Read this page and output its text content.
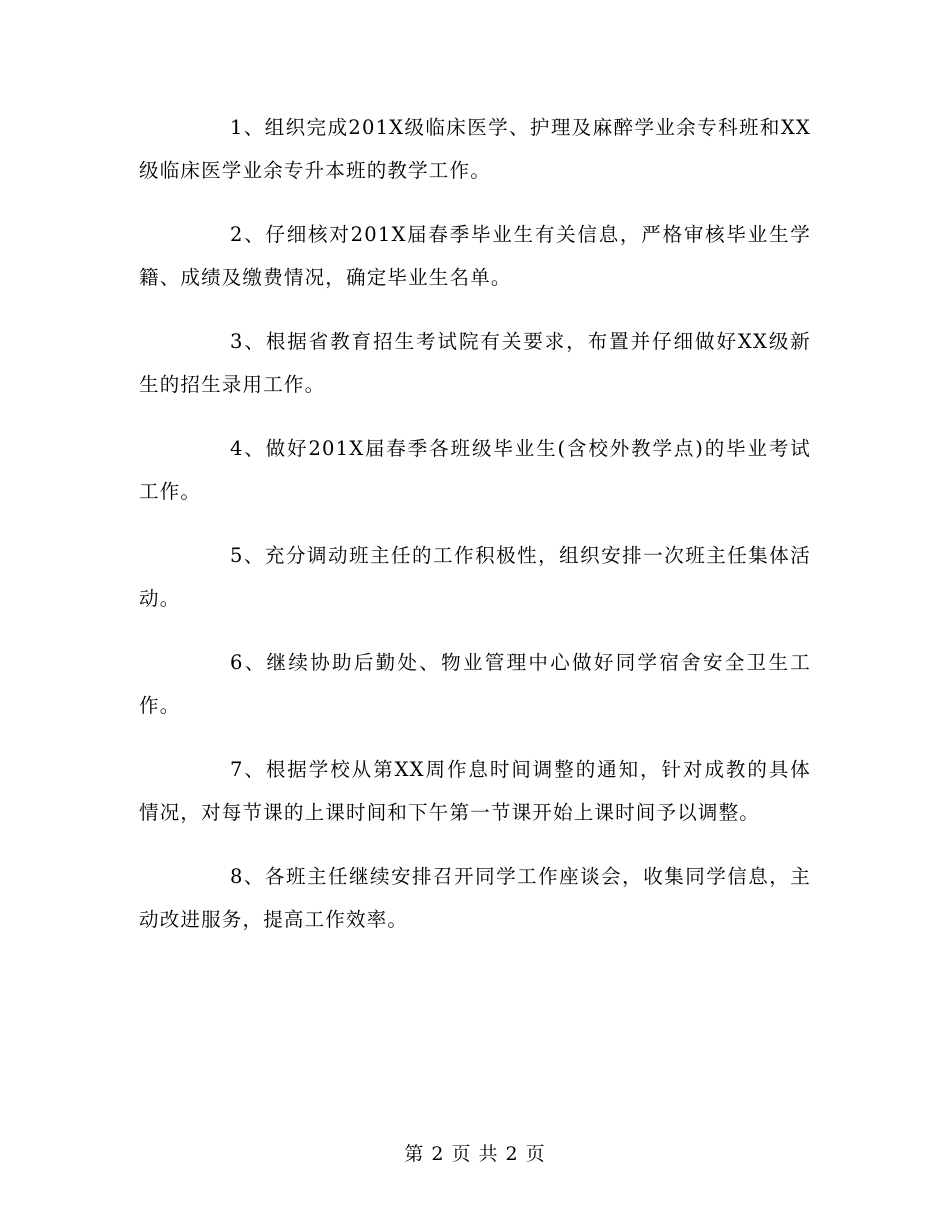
1、组织完成201X级临床医学、护理及麻醉学业余专科班和XX级临床医学业余专升本班的教学工作。

2、仔细核对201X届春季毕业生有关信息，严格审核毕业生学籍、成绩及缴费情况，确定毕业生名单。

3、根据省教育招生考试院有关要求，布置并仔细做好XX级新生的招生录用工作。

4、做好201X届春季各班级毕业生(含校外教学点)的毕业考试工作。

5、充分调动班主任的工作积极性，组织安排一次班主任集体活动。

6、继续协助后勤处、物业管理中心做好同学宿舍安全卫生工作。

7、根据学校从第XX周作息时间调整的通知，针对成教的具体情况，对每节课的上课时间和下午第一节课开始上课时间予以调整。

8、各班主任继续安排召开同学工作座谈会，收集同学信息，主动改进服务，提高工作效率。

第 2 页 共 2 页
